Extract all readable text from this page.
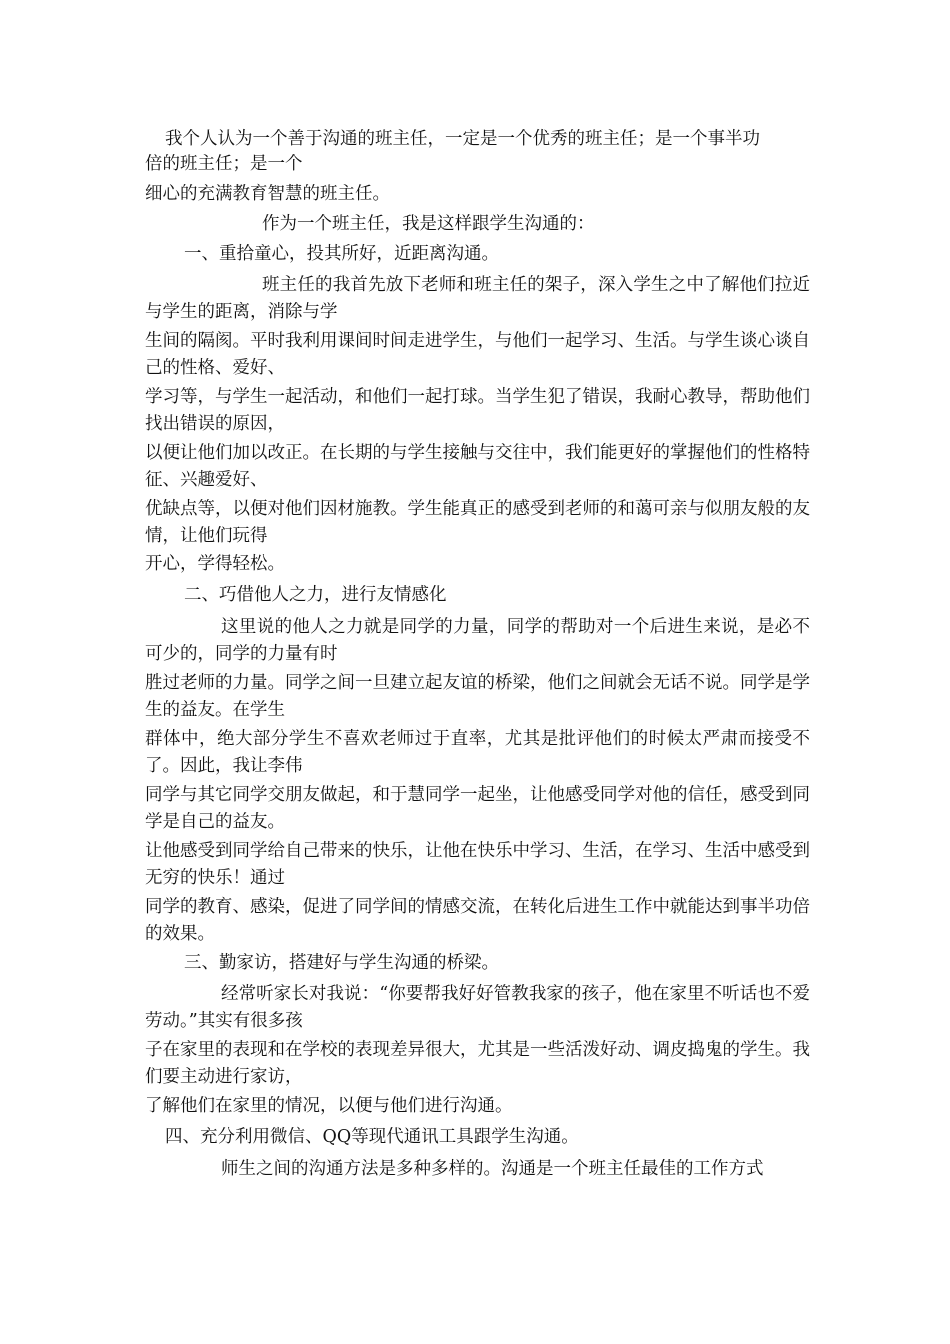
我个人认为一个善于沟通的班主任，一定是一个优秀的班主任；是一个事半功
倍的班主任；是一个
细心的充满教育智慧的班主任。
作为一个班主任，我是这样跟学生沟通的：
一、重拾童心，投其所好，近距离沟通。
班主任的我首先放下老师和班主任的架子，深入学生之中了解他们拉近与学生的距离，消除与学
生间的隔阂。平时我利用课间时间走进学生，与他们一起学习、生活。与学生谈心谈自己的性格、爱好、
学习等，与学生一起活动，和他们一起打球。当学生犯了错误，我耐心教导，帮助他们找出错误的原因，
以便让他们加以改正。在长期的与学生接触与交往中，我们能更好的掌握他们的性格特征、兴趣爱好、
优缺点等，以便对他们因材施教。学生能真正的感受到老师的和蔼可亲与似朋友般的友情，让他们玩得
开心，学得轻松。
二、巧借他人之力，进行友情感化
这里说的他人之力就是同学的力量，同学的帮助对一个后进生来说，是必不可少的，同学的力量有时
胜过老师的力量。同学之间一旦建立起友谊的桥梁，他们之间就会无话不说。同学是学生的益友。在学生
群体中，绝大部分学生不喜欢老师过于直率，尤其是批评他们的时候太严肃而接受不了。因此，我让李伟
同学与其它同学交朋友做起，和于慧同学一起坐，让他感受同学对他的信任，感受到同学是自己的益友。
让他感受到同学给自己带来的快乐，让他在快乐中学习、生活，在学习、生活中感受到无穷的快乐！通过
同学的教育、感染，促进了同学间的情感交流，在转化后进生工作中就能达到事半功倍的效果。
三、勤家访，搭建好与学生沟通的桥梁。
经常听家长对我说：“你要帮我好好管教我家的孩子，他在家里不听话也不爱劳动。”其实有很多孩
子在家里的表现和在学校的表现差异很大，尤其是一些活泼好动、调皮捣鬼的学生。我们要主动进行家访，
了解他们在家里的情况，以便与他们进行沟通。
四、充分利用微信、QQ等现代通讯工具跟学生沟通。
师生之间的沟通方法是多种多样的。沟通是一个班主任最佳的工作方式
